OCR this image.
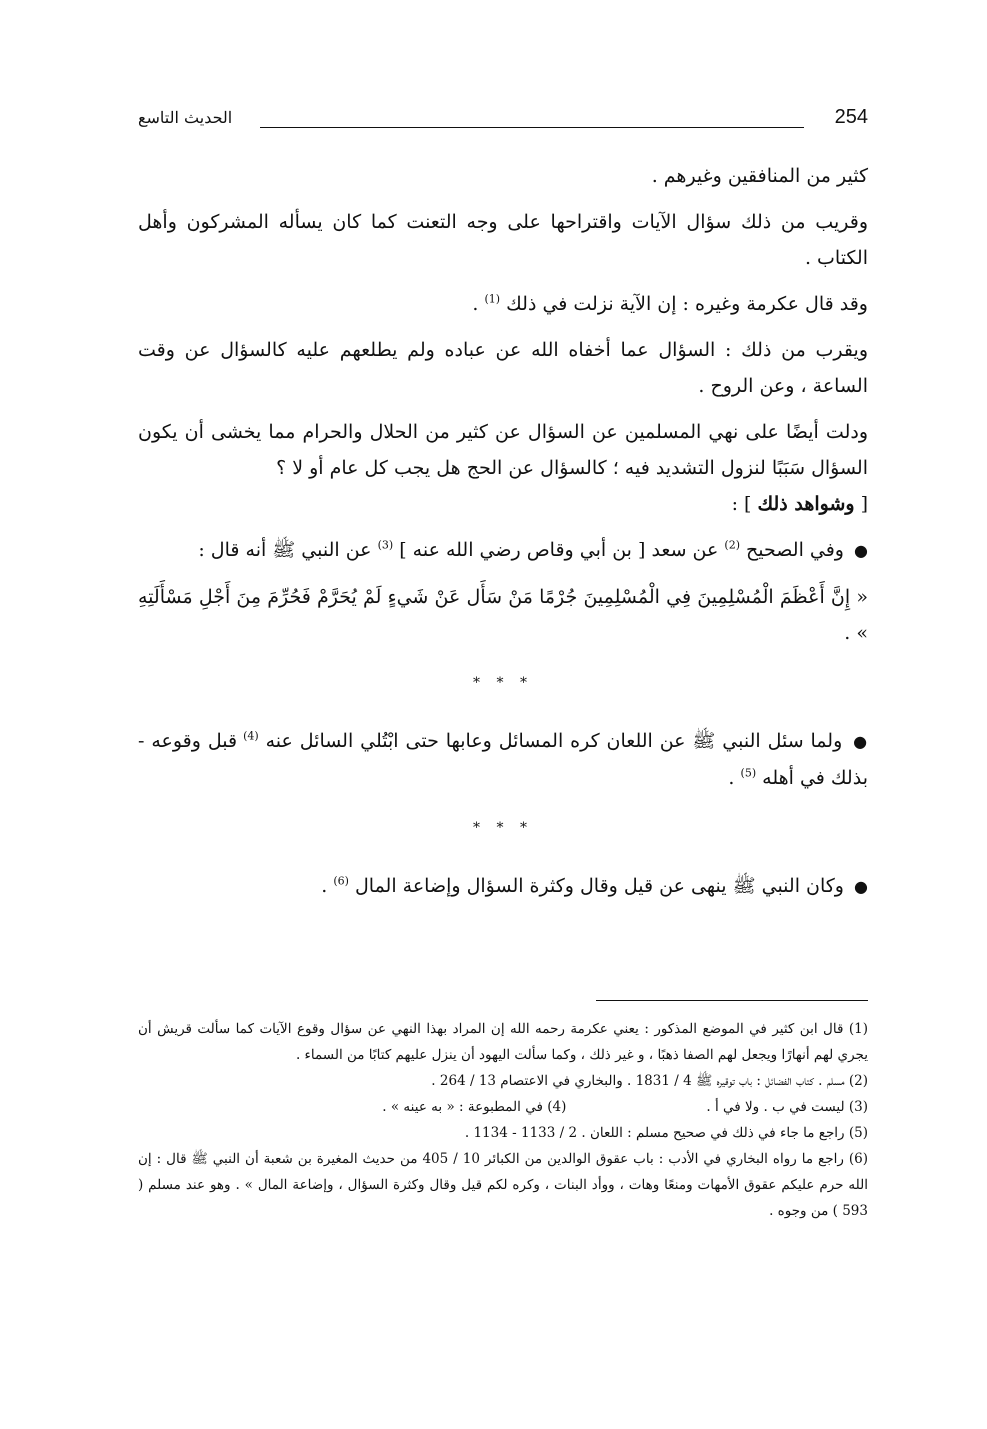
254
الحديث التاسع

كثير من المنافقين وغيرهم .

وقريب من ذلك سؤال الآيات واقتراحها على وجه التعنت كما كان يسأله المشركون وأهل الكتاب .

وقد قال عكرمة وغيره : إن الآية نزلت في ذلك $^{(1)}$ .

ويقرب من ذلك : السؤال عما أخفاه الله عن عباده ولم يطلعهم عليه كالسؤال عن وقت الساعة ، وعن الروح .

ودلت أيضًا على نهي المسلمين عن السؤال عن كثير من الحلال والحرام مما يخشى أن يكون السؤال سَبَبًا لنزول التشديد فيه ؛ كالسؤال عن الحج هل يجب كل عام أو لا ؟

[ وشواهد ذلك ] :

● وفي الصحيح $^{(2)}$ عن سعد [ بن أبي وقاص رضي الله عنه ] $^{(3)}$ عن النبي ﷺ أنه قال :

« إِنَّ أَعْظَمَ الْمُسْلِمِينَ فِي الْمُسْلِمِينَ جُرْمًا مَنْ سَأَل عَنْ شَيءٍ لَمْ يُحَرَّمْ فَحُرِّمَ مِنَ أَجْلِ مَسْأَلَتِهِ » .

* * *

● ولما سئل النبي ﷺ عن اللعان كره المسائل وعابها حتى ابْتُلي السائل عنه $^{(4)}$ قبل وقوعه - بذلك في أهله $^{(5)}$ .

* * *

● وكان النبي ﷺ ينهى عن قيل وقال وكثرة السؤال وإضاعة المال $^{(6)}$ .

(1) قال ابن كثير في الموضع المذكور : يعني عكرمة رحمه الله إن المراد بهذا النهي عن سؤال وقوع الآيات كما سألت قريش أن يجري لهم أنهارًا ويجعل لهم الصفا ذهبًا ، و غير ذلك ، وكما سألت اليهود أن ينزل عليهم كتابًا من السماء .

(2) مسلم . كتاب الفضائل : باب توقيره ﷺ 4 / 1831 . والبخاري في الاعتصام 13 / 264 .

(3) ليست في ب . ولا في أ .
(4) في المطبوعة : « به عينه » .

(5) راجع ما جاء في ذلك في صحيح مسلم : اللعان . 2 / 1133 - 1134 .

(6) راجع ما رواه البخاري في الأدب : باب عقوق الوالدين من الكبائر 10 / 405 من حديث المغيرة بن شعبة أن النبي ﷺ قال : إن الله حرم عليكم عقوق الأمهات ومنعًا وهات ، ووأد البنات ، وكره لكم قيل وقال وكثرة السؤال ، وإضاعة المال » . وهو عند مسلم ( 593 ) من وجوه .
